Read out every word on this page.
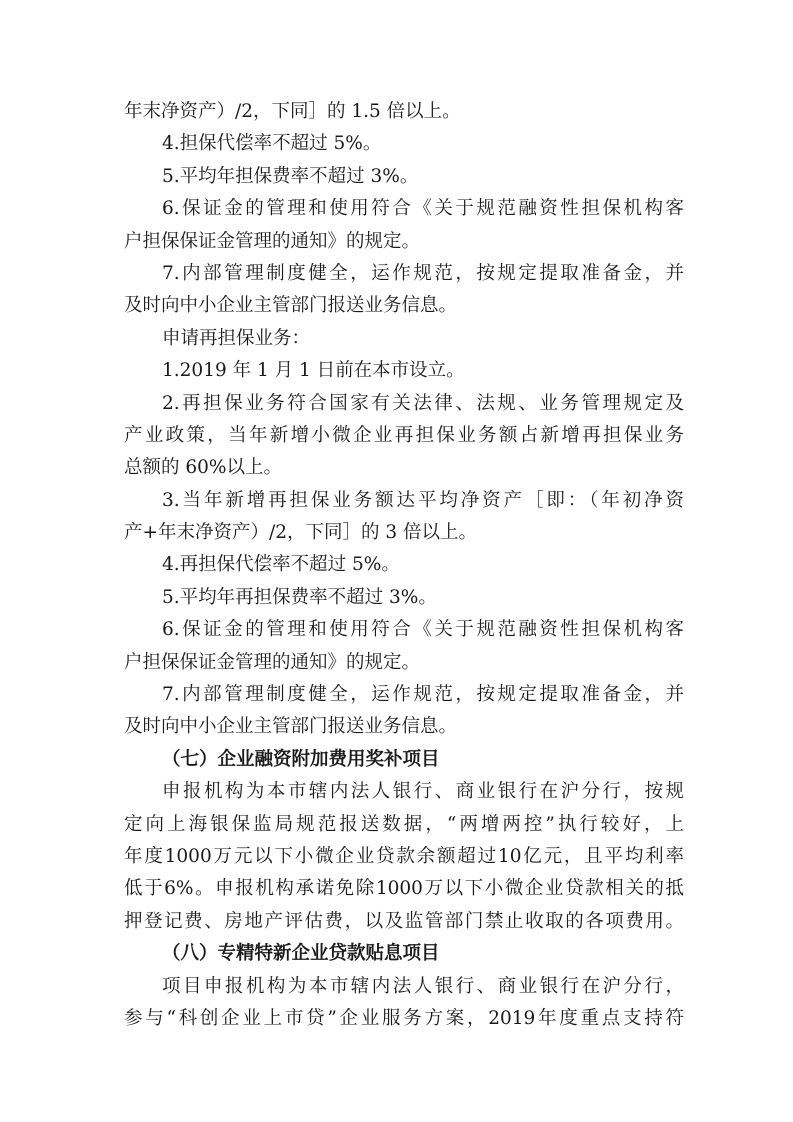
年末净资产）/2，下同］的 1.5 倍以上。
4.担保代偿率不超过 5%。
5.平均年担保费率不超过 3%。
6.保证金的管理和使用符合《关于规范融资性担保机构客
户担保保证金管理的通知》的规定。
7.内部管理制度健全，运作规范，按规定提取准备金，并
及时向中小企业主管部门报送业务信息。
申请再担保业务：
1.2019 年 1 月 1 日前在本市设立。
2.再担保业务符合国家有关法律、法规、业务管理规定及
产业政策，当年新增小微企业再担保业务额占新增再担保业务
总额的 60%以上。
3.当年新增再担保业务额达平均净资产［即：（年初净资
产+年末净资产）/2，下同］的 3 倍以上。
4.再担保代偿率不超过 5%。
5.平均年再担保费率不超过 3%。
6.保证金的管理和使用符合《关于规范融资性担保机构客
户担保保证金管理的通知》的规定。
7.内部管理制度健全，运作规范，按规定提取准备金，并
及时向中小企业主管部门报送业务信息。
（七）企业融资附加费用奖补项目
申报机构为本市辖内法人银行、商业银行在沪分行，按规
定向上海银保监局规范报送数据，“两增两控”执行较好，上
年度1000万元以下小微企业贷款余额超过10亿元，且平均利率
低于6%。申报机构承诺免除1000万以下小微企业贷款相关的抵
押登记费、房地产评估费，以及监管部门禁止收取的各项费用。
（八）专精特新企业贷款贴息项目
项目申报机构为本市辖内法人银行、商业银行在沪分行，
参与“科创企业上市贷”企业服务方案，2019年度重点支持符
